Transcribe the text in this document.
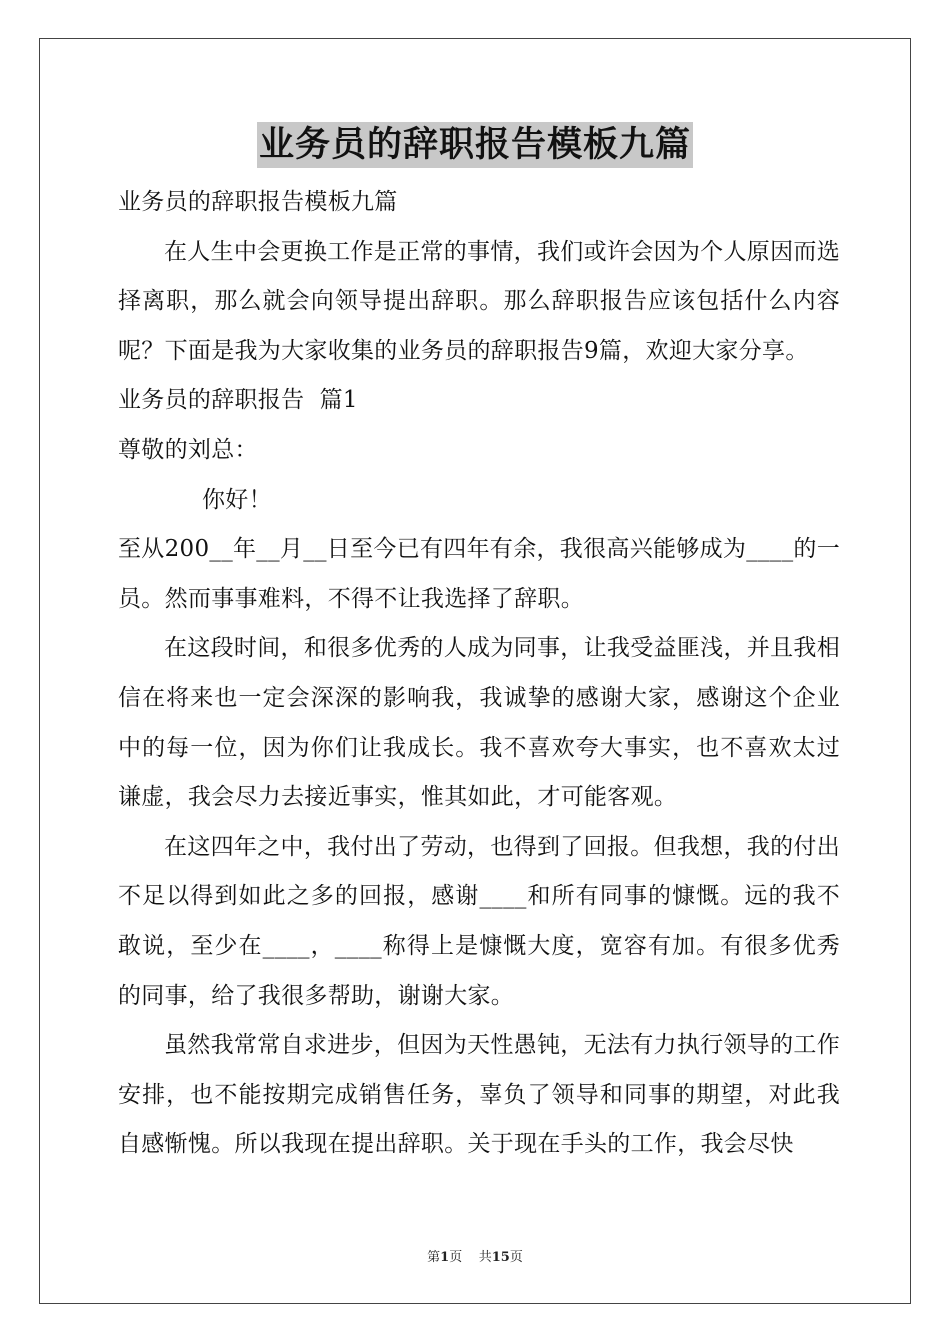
业务员的辞职报告模板九篇

业务员的辞职报告模板九篇

在人生中会更换工作是正常的事情，我们或许会因为个人原因而选择离职，那么就会向领导提出辞职。那么辞职报告应该包括什么内容呢？下面是我为大家收集的业务员的辞职报告9篇，欢迎大家分享。

业务员的辞职报告  篇1

尊敬的刘总：

你好！

至从200__年__月__日至今已有四年有余，我很高兴能够成为____的一员。然而事事难料，不得不让我选择了辞职。

在这段时间，和很多优秀的人成为同事，让我受益匪浅，并且我相信在将来也一定会深深的影响我，我诚挚的感谢大家，感谢这个企业中的每一位，因为你们让我成长。我不喜欢夸大事实，也不喜欢太过谦虚，我会尽力去接近事实，惟其如此，才可能客观。

在这四年之中，我付出了劳动，也得到了回报。但我想，我的付出不足以得到如此之多的回报，感谢____和所有同事的慷慨。远的我不敢说，至少在____，____称得上是慷慨大度，宽容有加。有很多优秀的同事，给了我很多帮助，谢谢大家。

虽然我常常自求进步，但因为天性愚钝，无法有力执行领导的工作安排，也不能按期完成销售任务，辜负了领导和同事的期望，对此我自感惭愧。所以我现在提出辞职。关于现在手头的工作，我会尽快

第1页 共15页
